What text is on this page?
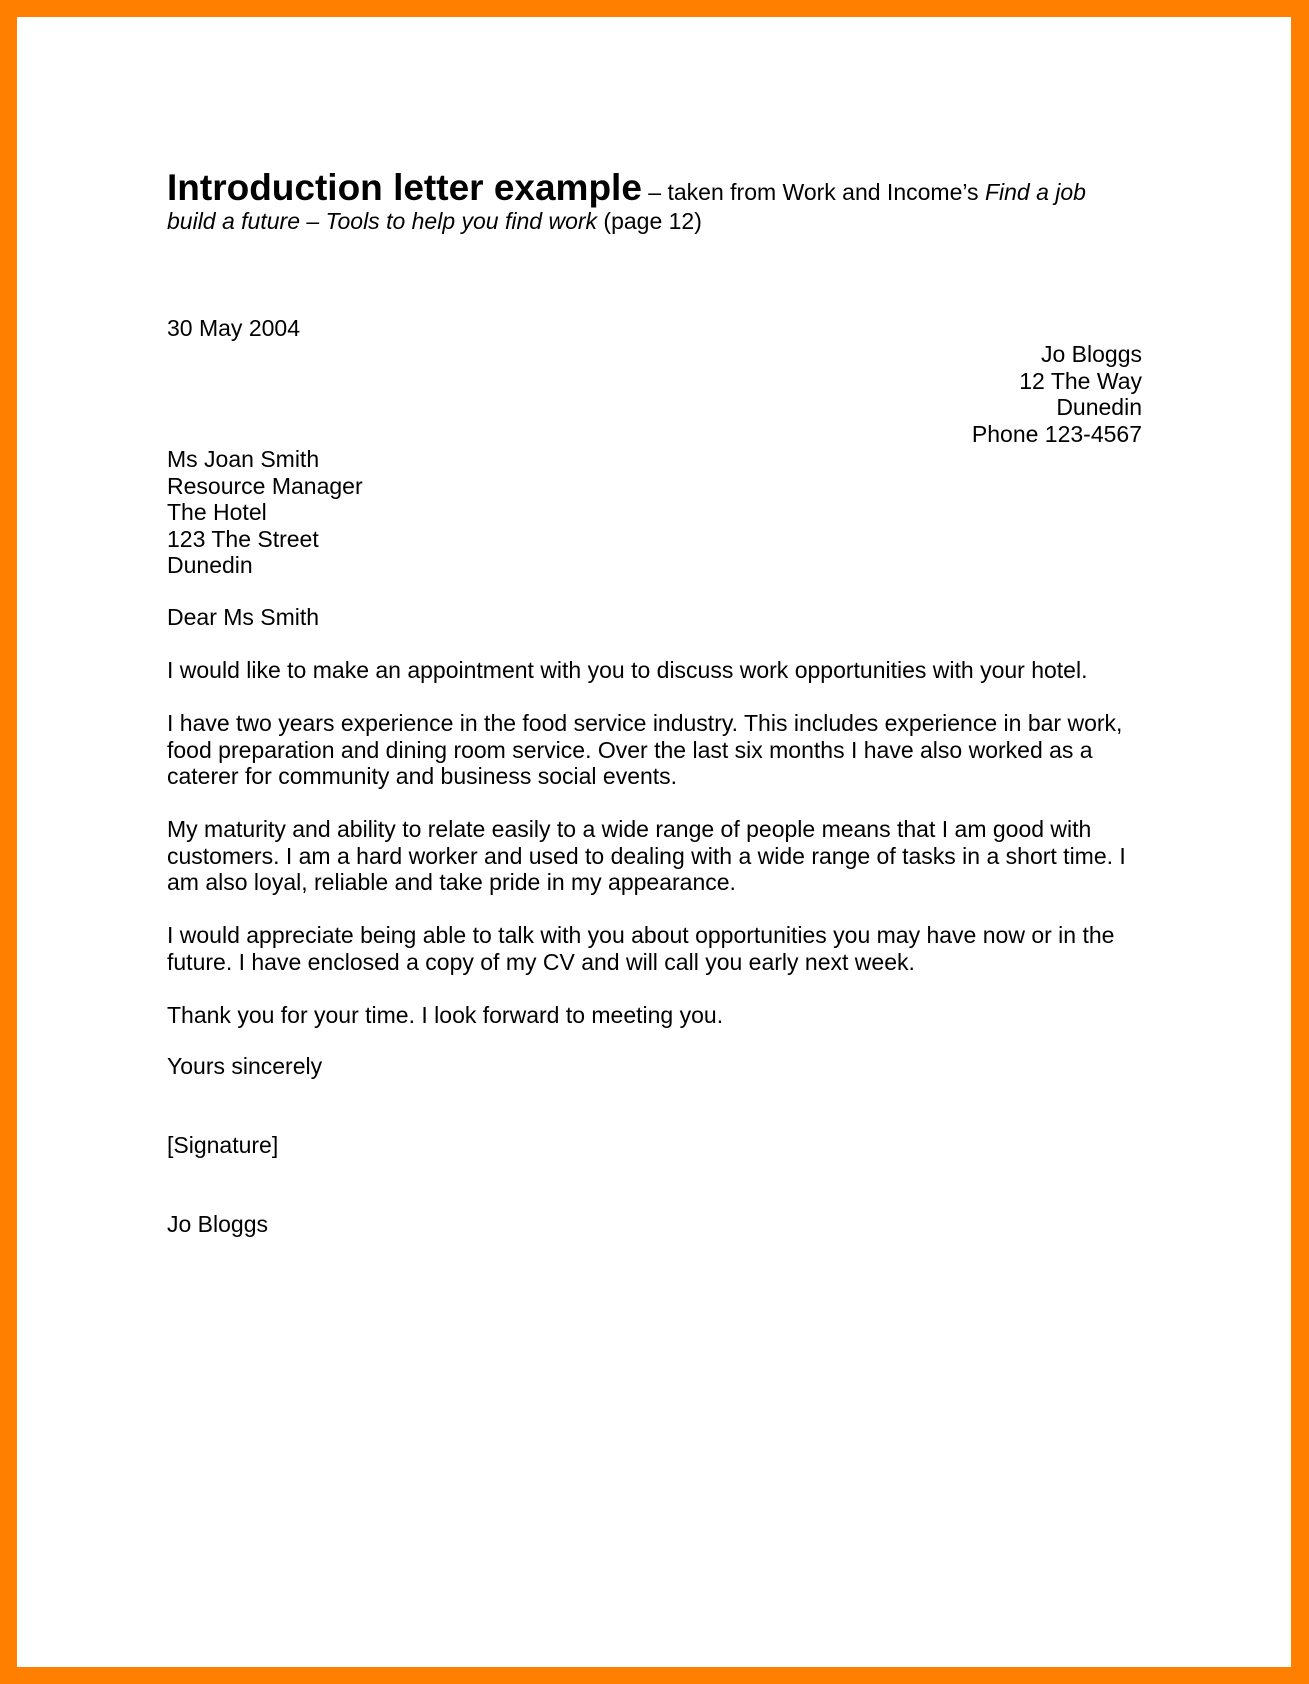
Introduction letter example – taken from Work and Income’s Find a job
build a future – Tools to help you find work (page 12)
30 May 2004
Jo Bloggs
12 The Way
Dunedin
Phone 123-4567
Ms Joan Smith
Resource Manager
The Hotel
123 The Street
Dunedin
Dear Ms Smith

I would like to make an appointment with you to discuss work opportunities with your hotel.

I have two years experience in the food service industry. This includes experience in bar work, food preparation and dining room service. Over the last six months I have also worked as a caterer for community and business social events.

My maturity and ability to relate easily to a wide range of people means that I am good with customers. I am a hard worker and used to dealing with a wide range of tasks in a short time. I am also loyal, reliable and take pride in my appearance.

I would appreciate being able to talk with you about opportunities you may have now or in the future. I have enclosed a copy of my CV and will call you early next week.

Thank you for your time. I look forward to meeting you.

Yours sincerely
[Signature]
Jo Bloggs
